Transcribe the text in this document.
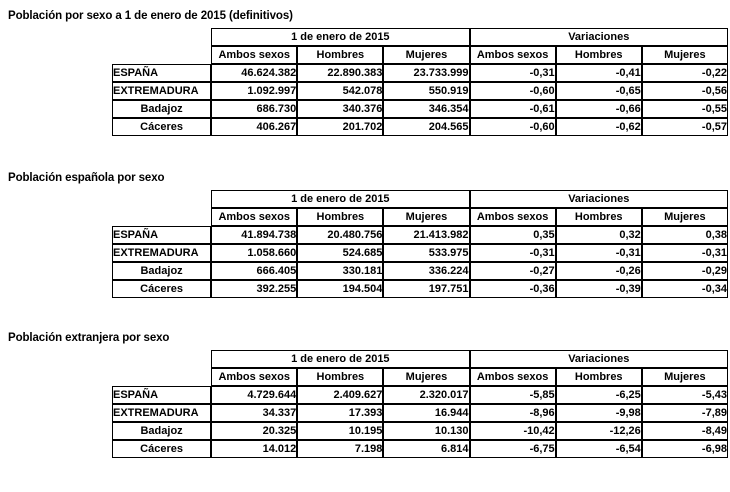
Población por sexo a 1 de enero de 2015 (definitivos)
	1 de enero de 2015			Variaciones		
	Ambos sexos	Hombres	Mujeres	Ambos sexos	Hombres	Mujeres
ESPAÑA	46.624.382	22.890.383	23.733.999	-0,31	-0,41	-0,22
EXTREMADURA	1.092.997	542.078	550.919	-0,60	-0,65	-0,56
Badajoz	686.730	340.376	346.354	-0,61	-0,66	-0,55
Cáceres	406.267	201.702	204.565	-0,60	-0,62	-0,57
Población española por sexo
	1 de enero de 2015			Variaciones		
	Ambos sexos	Hombres	Mujeres	Ambos sexos	Hombres	Mujeres
ESPAÑA	41.894.738	20.480.756	21.413.982	0,35	0,32	0,38
EXTREMADURA	1.058.660	524.685	533.975	-0,31	-0,31	-0,31
Badajoz	666.405	330.181	336.224	-0,27	-0,26	-0,29
Cáceres	392.255	194.504	197.751	-0,36	-0,39	-0,34
Población extranjera por sexo
	1 de enero de 2015			Variaciones		
	Ambos sexos	Hombres	Mujeres	Ambos sexos	Hombres	Mujeres
ESPAÑA	4.729.644	2.409.627	2.320.017	-5,85	-6,25	-5,43
EXTREMADURA	34.337	17.393	16.944	-8,96	-9,98	-7,89
Badajoz	20.325	10.195	10.130	-10,42	-12,26	-8,49
Cáceres	14.012	7.198	6.814	-6,75	-6,54	-6,98
